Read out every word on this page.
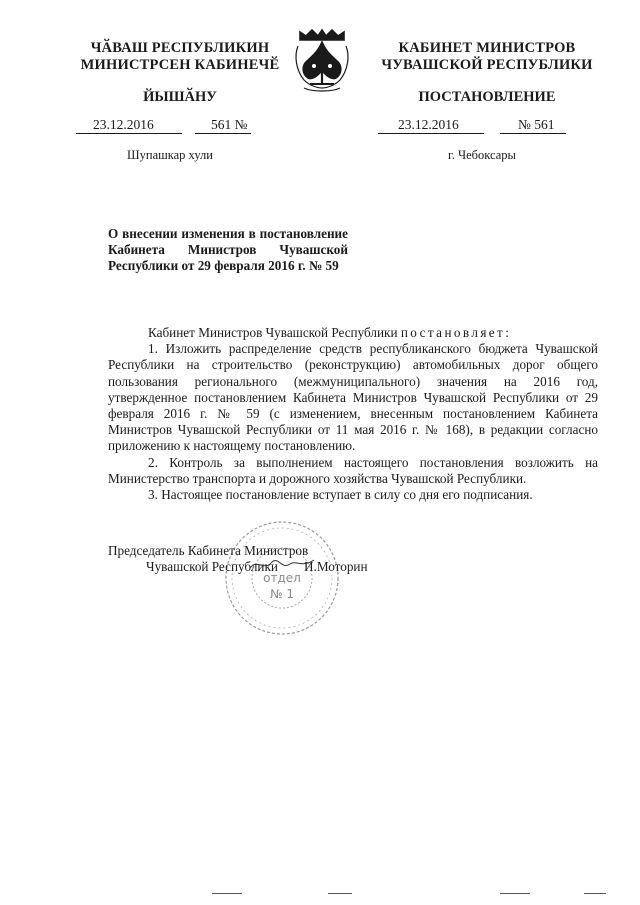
ЧӐВАШ РЕСПУБЛИКИН
МИНИСТРСЕН КАБИНЕЧӖ
ЙЫШӐНУ
КАБИНЕТ МИНИСТРОВ
ЧУВАШСКОЙ РЕСПУБЛИКИ
ПОСТАНОВЛЕНИЕ
23.12.2016	561 №	23.12.2016	№ 561
Шупашкар хули	г. Чебоксары
О внесении изменения в постановление Кабинета Министров Чувашской Республики от 29 февраля 2016 г. № 59

Кабинет Министров Чувашской Республики постановляет:

1. Изложить распределение средств республиканского бюджета Чувашской Республики на строительство (реконструкцию) автомобильных дорог общего пользования регионального (межмуниципального) значения на 2016 год, утвержденное постановлением Кабинета Министров Чувашской Республики от 29 февраля 2016 г. № 59 (с изменением, внесенным постановлением Кабинета Министров Чувашской Республики от 11 мая 2016 г. № 168), в редакции согласно приложению к настоящему постановлению.

2. Контроль за выполнением настоящего постановления возложить на Министерство транспорта и дорожного хозяйства Чувашской Республики.

3. Настоящее постановление вступает в силу со дня его подписания.

отдел
№ 1
Председатель Кабинета Министров
Чувашской Республики И.Моторин
